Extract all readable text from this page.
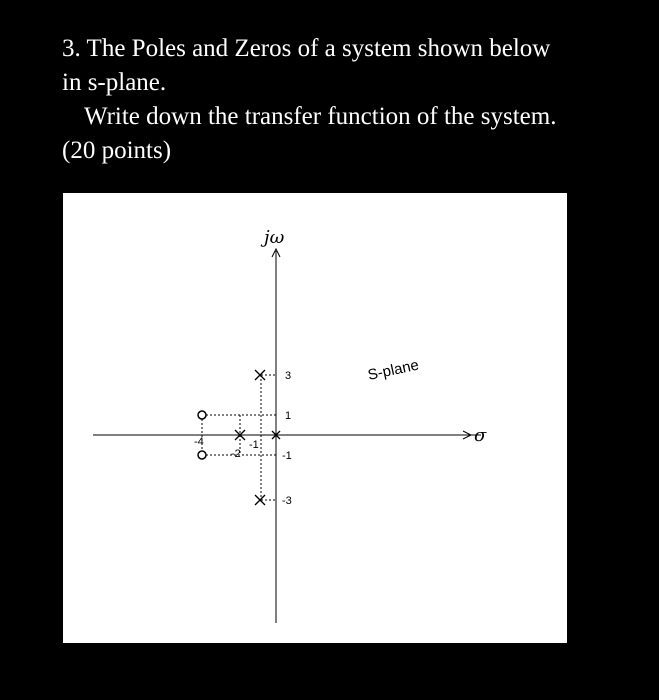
3. The Poles and Zeros of a system shown below
in s-plane.
Write down the transfer function of the system.
(20 points)
3
1
-1
-3
-4
-2
-1
jω
σ
S-plane
